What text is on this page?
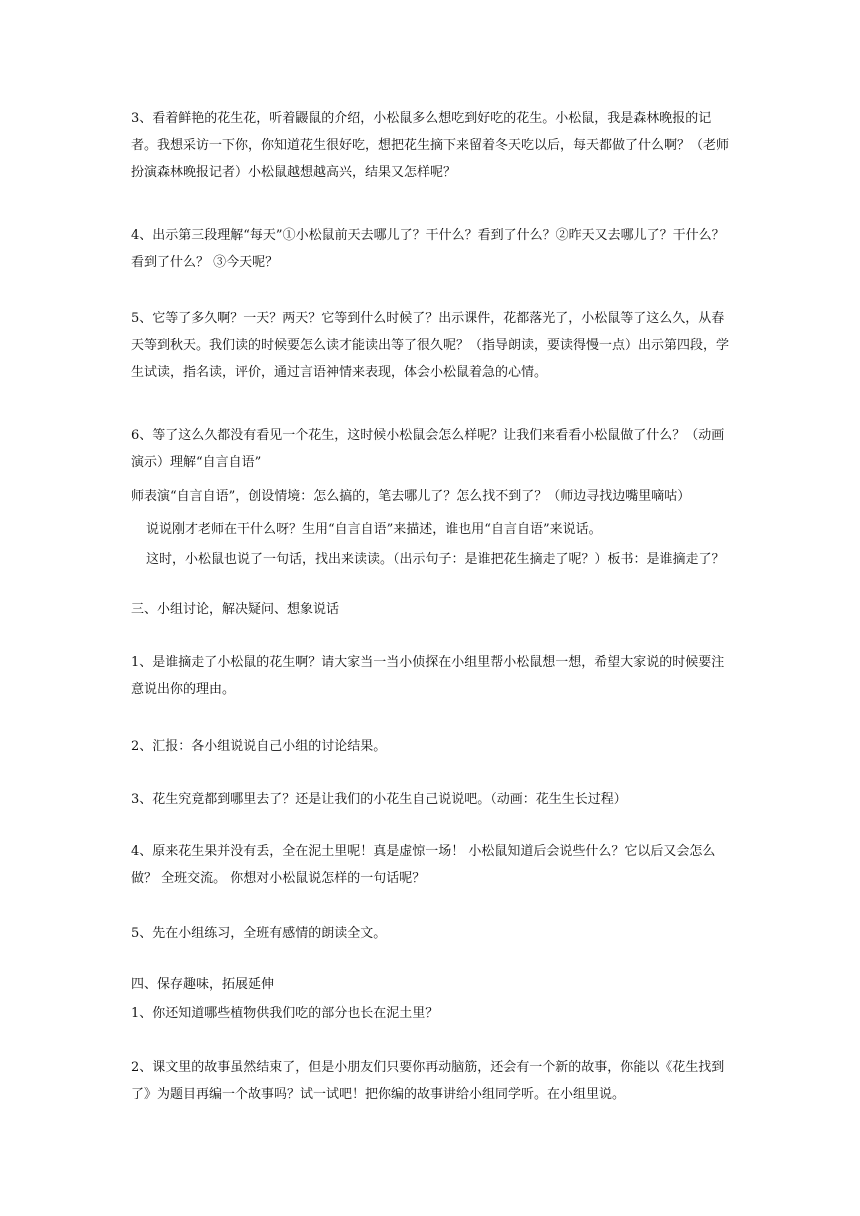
3、看着鲜艳的花生花，听着鼹鼠的介绍，小松鼠多么想吃到好吃的花生。小松鼠，我是森林晚报的记者。我想采访一下你，你知道花生很好吃，想把花生摘下来留着冬天吃以后，每天都做了什么啊？（老师扮演森林晚报记者）小松鼠越想越高兴，结果又怎样呢？

4、出示第三段理解“每天”①小松鼠前天去哪儿了？干什么？看到了什么？②昨天又去哪儿了？干什么？看到了什么？ ③今天呢？

5、它等了多久啊？一天？两天？它等到什么时候了？出示课件，花都落光了，小松鼠等了这么久，从春天等到秋天。我们读的时候要怎么读才能读出等了很久呢？（指导朗读，要读得慢一点）出示第四段，学生试读，指名读，评价，通过言语神情来表现，体会小松鼠着急的心情。

6、等了这么久都没有看见一个花生，这时候小松鼠会怎么样呢？让我们来看看小松鼠做了什么？（动画演示）理解“自言自语”

师表演“自言自语”，创设情境：怎么搞的，笔去哪儿了？怎么找不到了？（师边寻找边嘴里嘀咕）

说说刚才老师在干什么呀？生用“自言自语”来描述，谁也用“自言自语”来说话。

这时，小松鼠也说了一句话，找出来读读。（出示句子：是谁把花生摘走了呢？）板书：是谁摘走了？

三、小组讨论，解决疑问、想象说话

1、是谁摘走了小松鼠的花生啊？请大家当一当小侦探在小组里帮小松鼠想一想，希望大家说的时候要注意说出你的理由。

2、汇报：各小组说说自己小组的讨论结果。

3、花生究竟都到哪里去了？还是让我们的小花生自己说说吧。（动画：花生生长过程）

4、原来花生果并没有丢，全在泥土里呢！真是虚惊一场！ 小松鼠知道后会说些什么？它以后又会怎么做？ 全班交流。 你想对小松鼠说怎样的一句话呢？

5、先在小组练习，全班有感情的朗读全文。

四、保存趣味，拓展延伸

1、你还知道哪些植物供我们吃的部分也长在泥土里？

2、课文里的故事虽然结束了，但是小朋友们只要你再动脑筋，还会有一个新的故事，你能以《花生找到了》为题目再编一个故事吗？试一试吧！把你编的故事讲给小组同学听。在小组里说。
